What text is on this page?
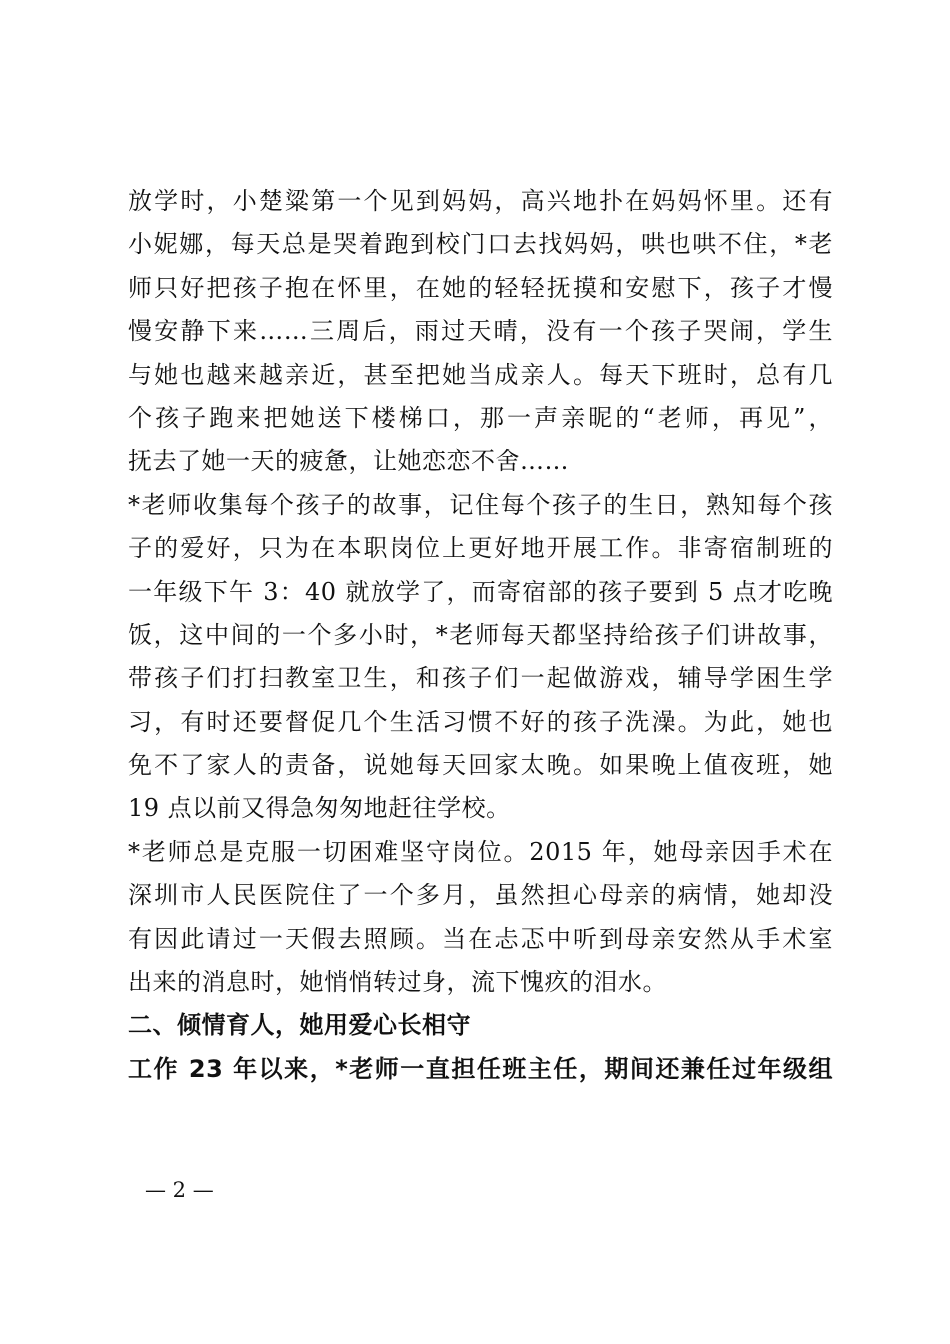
放学时，小楚粱第一个见到妈妈，高兴地扑在妈妈怀里。还有
小妮娜，每天总是哭着跑到校门口去找妈妈，哄也哄不住，*老
师只好把孩子抱在怀里，在她的轻轻抚摸和安慰下，孩子才慢
慢安静下来……三周后，雨过天晴，没有一个孩子哭闹，学生
与她也越来越亲近，甚至把她当成亲人。每天下班时，总有几
个孩子跑来把她送下楼梯口，那一声亲昵的“老师，再见”，
抚去了她一天的疲惫，让她恋恋不舍……
*老师收集每个孩子的故事，记住每个孩子的生日，熟知每个孩
子的爱好，只为在本职岗位上更好地开展工作。非寄宿制班的
一年级下午 3：40 就放学了，而寄宿部的孩子要到 5 点才吃晚
饭，这中间的一个多小时，*老师每天都坚持给孩子们讲故事，
带孩子们打扫教室卫生，和孩子们一起做游戏，辅导学困生学
习，有时还要督促几个生活习惯不好的孩子洗澡。为此，她也
免不了家人的责备，说她每天回家太晚。如果晚上值夜班，她
19 点以前又得急匆匆地赶往学校。
*老师总是克服一切困难坚守岗位。2015 年，她母亲因手术在
深圳市人民医院住了一个多月，虽然担心母亲的病情，她却没
有因此请过一天假去照顾。当在忐忑中听到母亲安然从手术室
出来的消息时，她悄悄转过身，流下愧疚的泪水。
二、倾情育人，她用爱心长相守
工作 23 年以来，*老师一直担任班主任，期间还兼任过年级组
— 2 —
